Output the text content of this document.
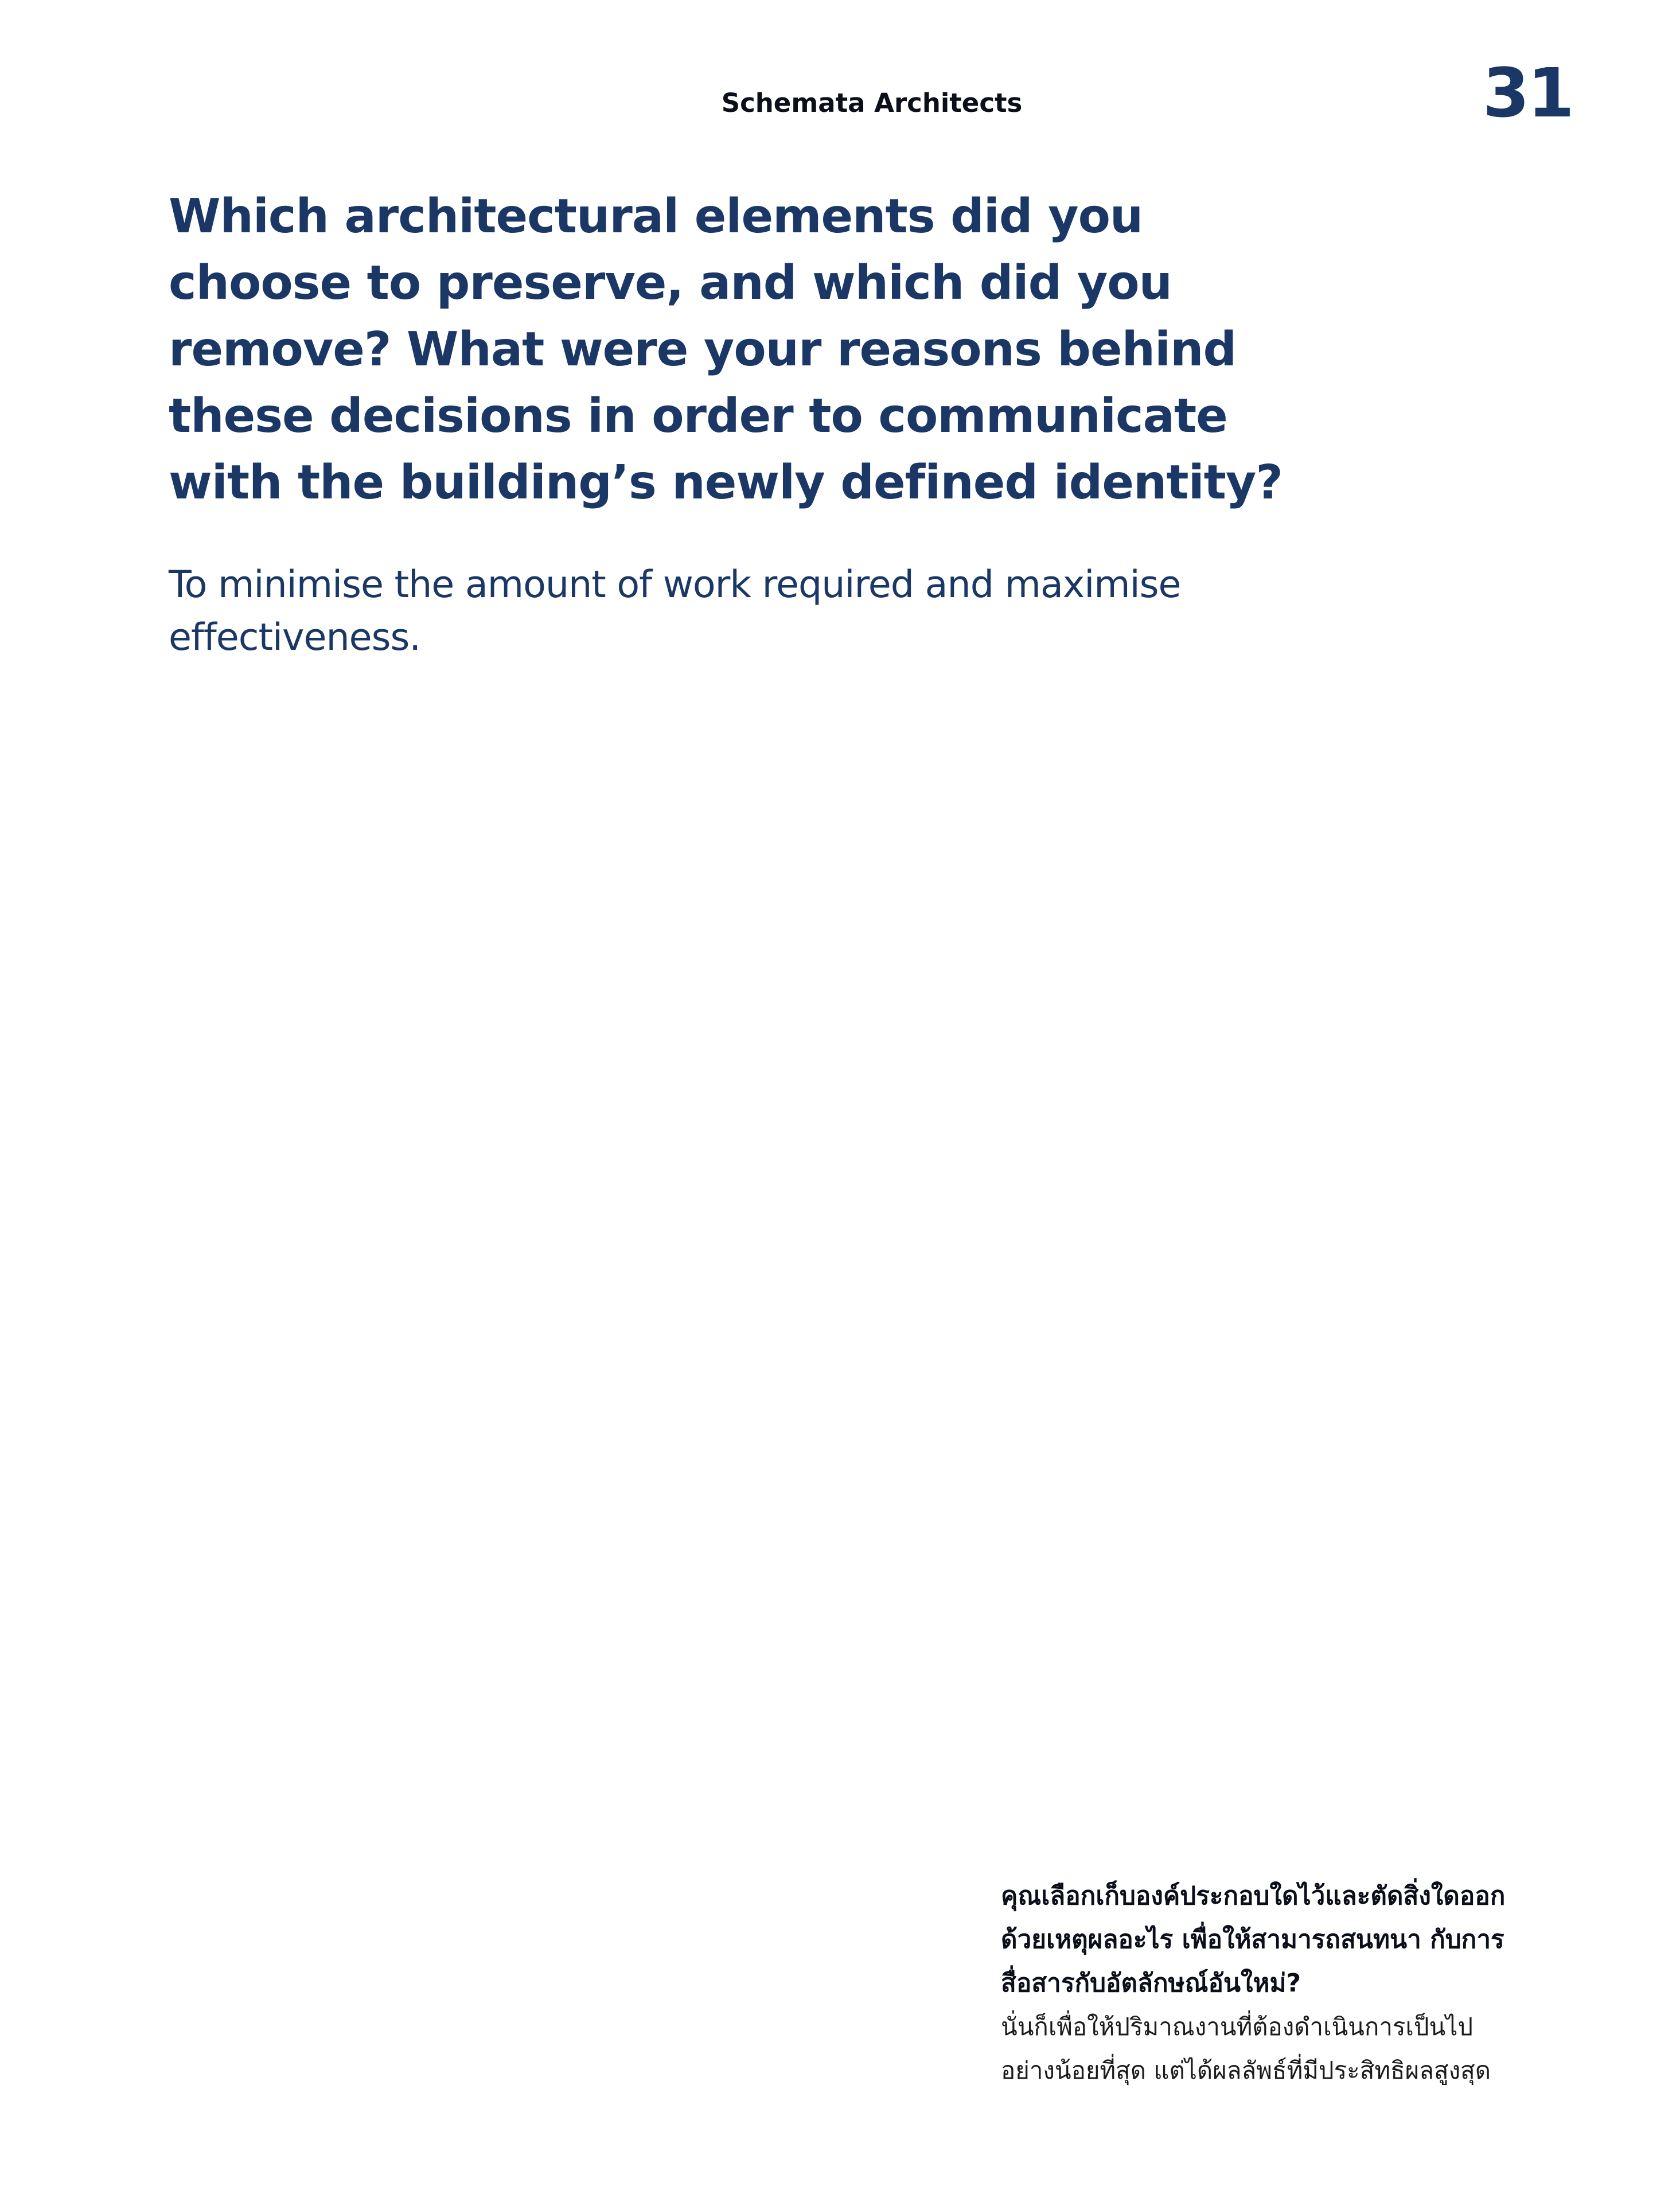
Schemata Architects	31

Which architectural elements did you
choose to preserve, and which did you
remove? What were your reasons behind
these decisions in order to communicate
with the building’s newly defined identity?

To minimise the amount of work required and maximise
effectiveness.

คุณเลือกเก็บองค์ประกอบใดไว้และตัดสิ่งใดออก
ด้วยเหตุผลอะไร เพื่อให้สามารถสนทนา กับการ
สื่อสารกับอัตลักษณ์อันใหม่?

นั่นก็เพื่อให้ปริมาณงานที่ต้องดำเนินการเป็นไป
อย่างน้อยที่สุด แต่ได้ผลลัพธ์ที่มีประสิทธิผลสูงสุด
